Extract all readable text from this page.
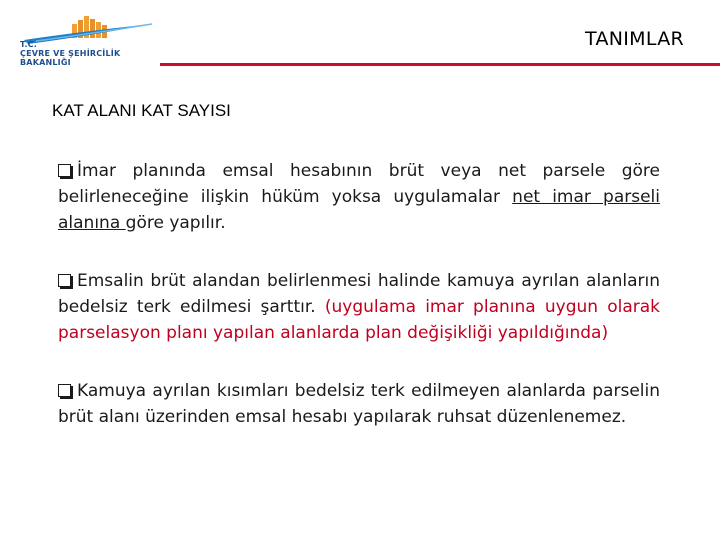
T.C.
ÇEVRE VE ŞEHİRCİLİK
BAKANLIĞI
TANIMLAR
KAT ALANI KAT SAYISI

İmar planında emsal hesabının brüt veya net parsele göre belirleneceğine ilişkin hüküm yoksa uygulamalar net imar parseli alanına göre yapılır.

Emsalin brüt alandan belirlenmesi halinde kamuya ayrılan alanların bedelsiz terk edilmesi şarttır. (uygulama imar planına uygun olarak parselasyon planı yapılan alanlarda plan değişikliği yapıldığında)

Kamuya ayrılan kısımları bedelsiz terk edilmeyen alanlarda parselin brüt alanı üzerinden emsal hesabı yapılarak ruhsat düzenlenemez.
